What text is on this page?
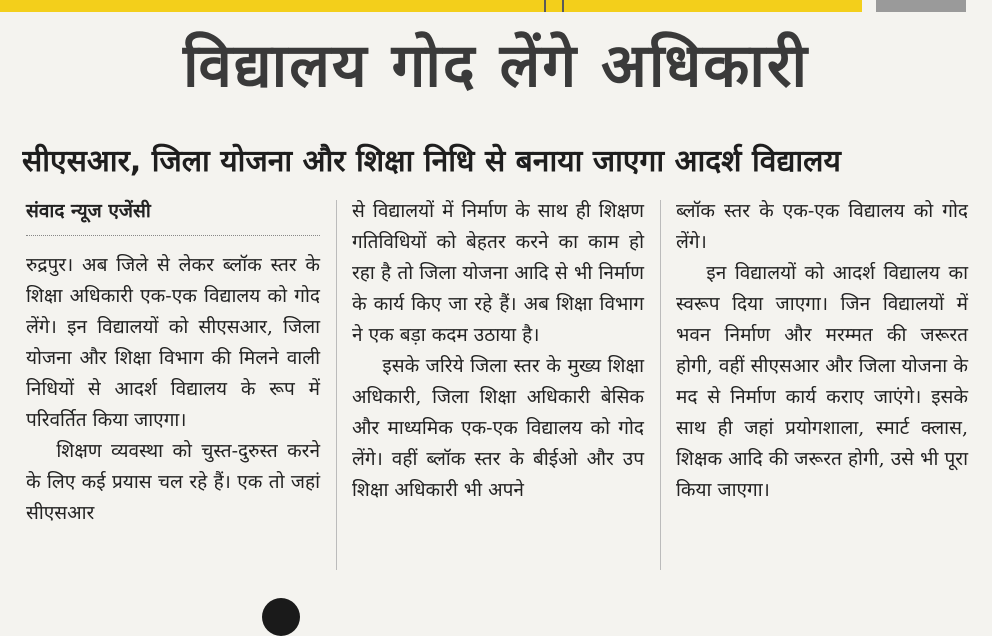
विद्यालय गोद लेंगे अधिकारी
सीएसआर, जिला योजना और शिक्षा निधि से बनाया जाएगा आदर्श विद्यालय
संवाद न्यूज एजेंसी

रुद्रपुर। अब जिले से लेकर ब्लॉक स्तर के शिक्षा अधिकारी एक-एक विद्यालय को गोद लेंगे। इन विद्यालयों को सीएसआर, जिला योजना और शिक्षा विभाग की मिलने वाली निधियों से आदर्श विद्यालय के रूप में परिवर्तित किया जाएगा।

शिक्षण व्यवस्था को चुस्त-दुरुस्त करने के लिए कई प्रयास चल रहे हैं। एक तो जहां सीएसआर

से विद्यालयों में निर्माण के साथ ही शिक्षण गतिविधियों को बेहतर करने का काम हो रहा है तो जिला योजना आदि से भी निर्माण के कार्य किए जा रहे हैं। अब शिक्षा विभाग ने एक बड़ा कदम उठाया है।

इसके जरिये जिला स्तर के मुख्य शिक्षा अधिकारी, जिला शिक्षा अधिकारी बेसिक और माध्यमिक एक-एक विद्यालय को गोद लेंगे। वहीं ब्लॉक स्तर के बीईओ और उप शिक्षा अधिकारी भी अपने

ब्लॉक स्तर के एक-एक विद्यालय को गोद लेंगे।

इन विद्यालयों को आदर्श विद्यालय का स्वरूप दिया जाएगा। जिन विद्यालयों में भवन निर्माण और मरम्मत की जरूरत होगी, वहीं सीएसआर और जिला योजना के मद से निर्माण कार्य कराए जाएंगे। इसके साथ ही जहां प्रयोगशाला, स्मार्ट क्लास, शिक्षक आदि की जरूरत होगी, उसे भी पूरा किया जाएगा।
